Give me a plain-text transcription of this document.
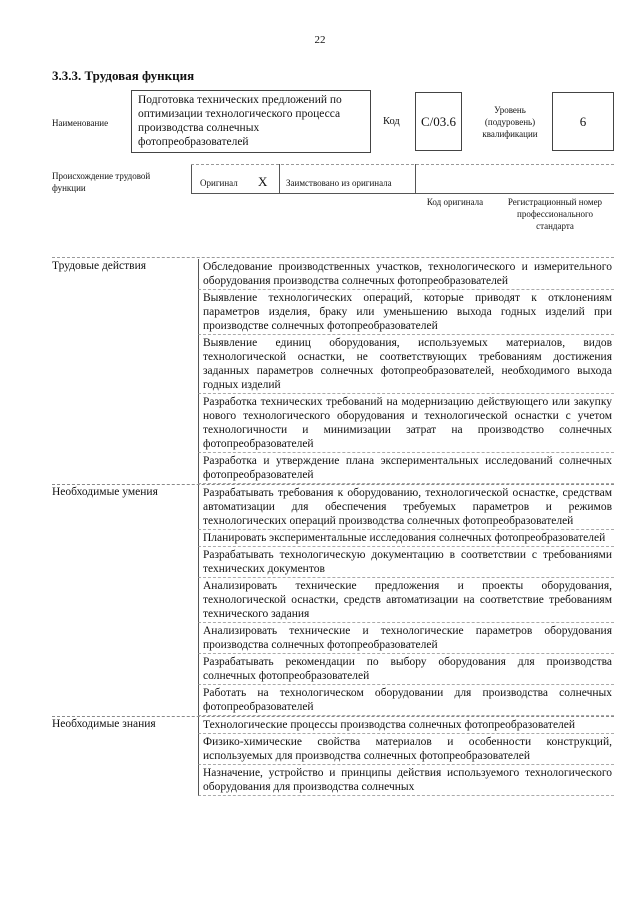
22
3.3.3. Трудовая функция
Наименование
Подготовка технических предложений по оптимизации технологического процесса производства солнечных фотопреобразователей
Код	С/03.6
Уровень (подуровень) квалификации
6
Происхождение трудовой функции	Оригинал Х Заимствовано из оригинала
Код оригинала	Регистрационный номер профессионального стандарта
Трудовые действия	Обследование производственных участков, технологического и измерительного оборудования производства солнечных фотопреобразователей
Выявление технологических операций, которые приводят к отклонениям параметров изделия, браку или уменьшению выхода годных изделий при производстве солнечных фотопреобразователей
Выявление единиц оборудования, используемых материалов, видов технологической оснастки, не соответствующих требованиям достижения заданных параметров солнечных фотопреобразователей, необходимого выхода годных изделий
Разработка технических требований на модернизацию действующего или закупку нового технологического оборудования и технологической оснастки с учетом технологичности и минимизации затрат на производство солнечных фотопреобразователей
Разработка и утверждение плана экспериментальных исследований солнечных фотопреобразователей
Необходимые умения	Разрабатывать требования к оборудованию, технологической оснастке, средствам автоматизации для обеспечения требуемых параметров и режимов технологических операций производства солнечных фотопреобразователей
Планировать экспериментальные исследования солнечных фотопреобразователей
Разрабатывать технологическую документацию в соответствии с требованиями технических документов
Анализировать технические предложения и проекты оборудования, технологической оснастки, средств автоматизации на соответствие требованиям технического задания
Анализировать технические и технологические параметров оборудования производства солнечных фотопреобразователей
Разрабатывать рекомендации по выбору оборудования для производства солнечных фотопреобразователей
Работать на технологическом оборудовании для производства солнечных фотопреобразователей
Необходимые знания	Технологические процессы производства солнечных фотопреобразователей
Физико-химические свойства материалов и особенности конструкций, используемых для производства солнечных фотопреобразователей
Назначение, устройство и принципы действия используемого технологического оборудования для производства солнечных
